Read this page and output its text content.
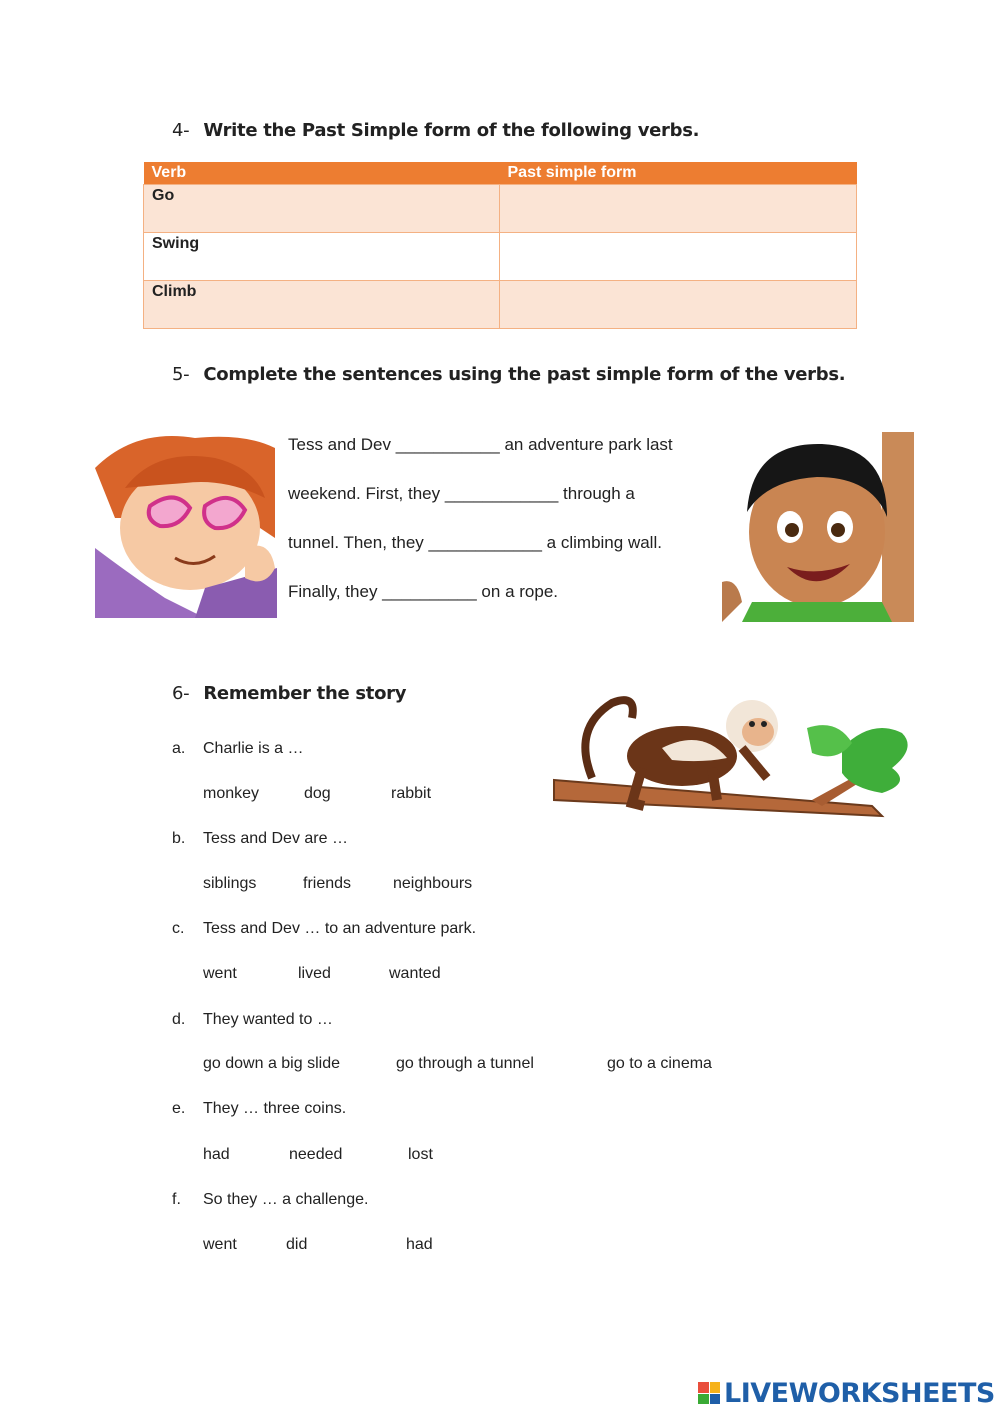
4- Write the Past Simple form of the following verbs.
Verb	Past simple form
Go	
Swing	
Climb	
5- Complete the sentences using the past simple form of the verbs.
Tess and Dev ___________ an adventure park last
weekend. First, they ____________ through a
tunnel. Then, they ____________ a climbing wall.
Finally, they __________ on a rope.
6- Remember the story
a. Charlie is a …
monkey	dog	rabbit
b. Tess and Dev are …
siblings	friends	neighbours
c. Tess and Dev … to an adventure park.
went	lived	wanted
d. They wanted to …
go down a big slide	go through a tunnel	go to a cinema
e. They … three coins.
had	needed	lost
f. So they … a challenge.
went	did	had
LIVEWORKSHEETS
